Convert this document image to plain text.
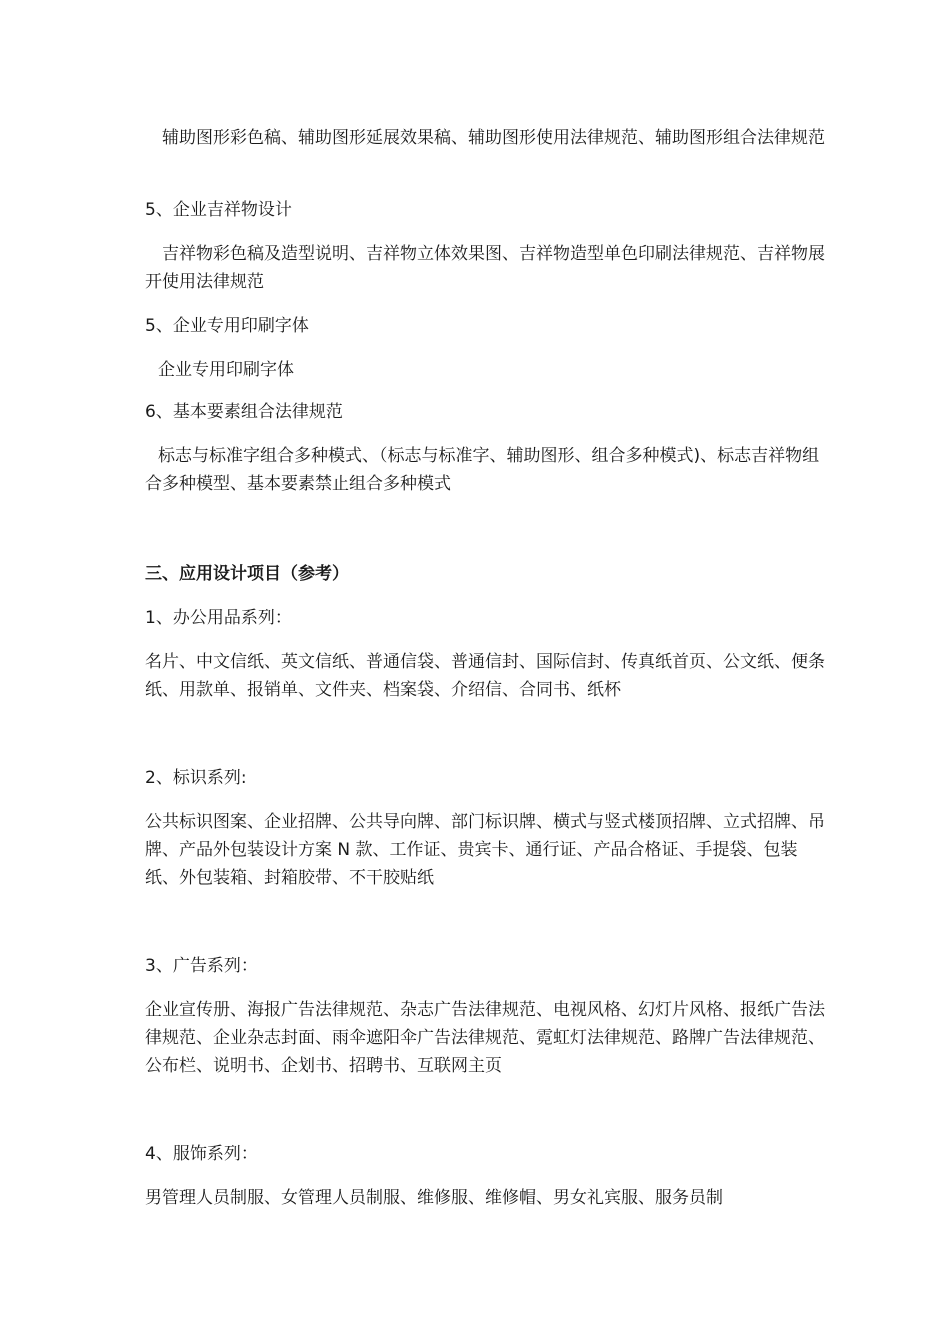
辅助图形彩色稿、辅助图形延展效果稿、辅助图形使用法律规范、辅助图形组合法律规范

5、企业吉祥物设计

吉祥物彩色稿及造型说明、吉祥物立体效果图、吉祥物造型单色印刷法律规范、吉祥物展开使用法律规范

5、企业专用印刷字体

企业专用印刷字体

6、基本要素组合法律规范

标志与标准字组合多种模式、（标志与标准字、辅助图形、组合多种模式)、标志吉祥物组合多种模型、基本要素禁止组合多种模式

三、应用设计项目（参考）

1、办公用品系列：

名片、中文信纸、英文信纸、普通信袋、普通信封、国际信封、传真纸首页、公文纸、便条纸、用款单、报销单、文件夹、档案袋、介绍信、合同书、纸杯

2、标识系列:

公共标识图案、企业招牌、公共导向牌、部门标识牌、横式与竖式楼顶招牌、立式招牌、吊牌、产品外包装设计方案 N 款、工作证、贵宾卡、通行证、产品合格证、手提袋、包装纸、外包装箱、封箱胶带、不干胶贴纸

3、广告系列：

企业宣传册、海报广告法律规范、杂志广告法律规范、电视风格、幻灯片风格、报纸广告法律规范、企业杂志封面、雨伞遮阳伞广告法律规范、霓虹灯法律规范、路牌广告法律规范、公布栏、说明书、企划书、招聘书、互联网主页

4、服饰系列：

男管理人员制服、女管理人员制服、维修服、维修帽、男女礼宾服、服务员制
